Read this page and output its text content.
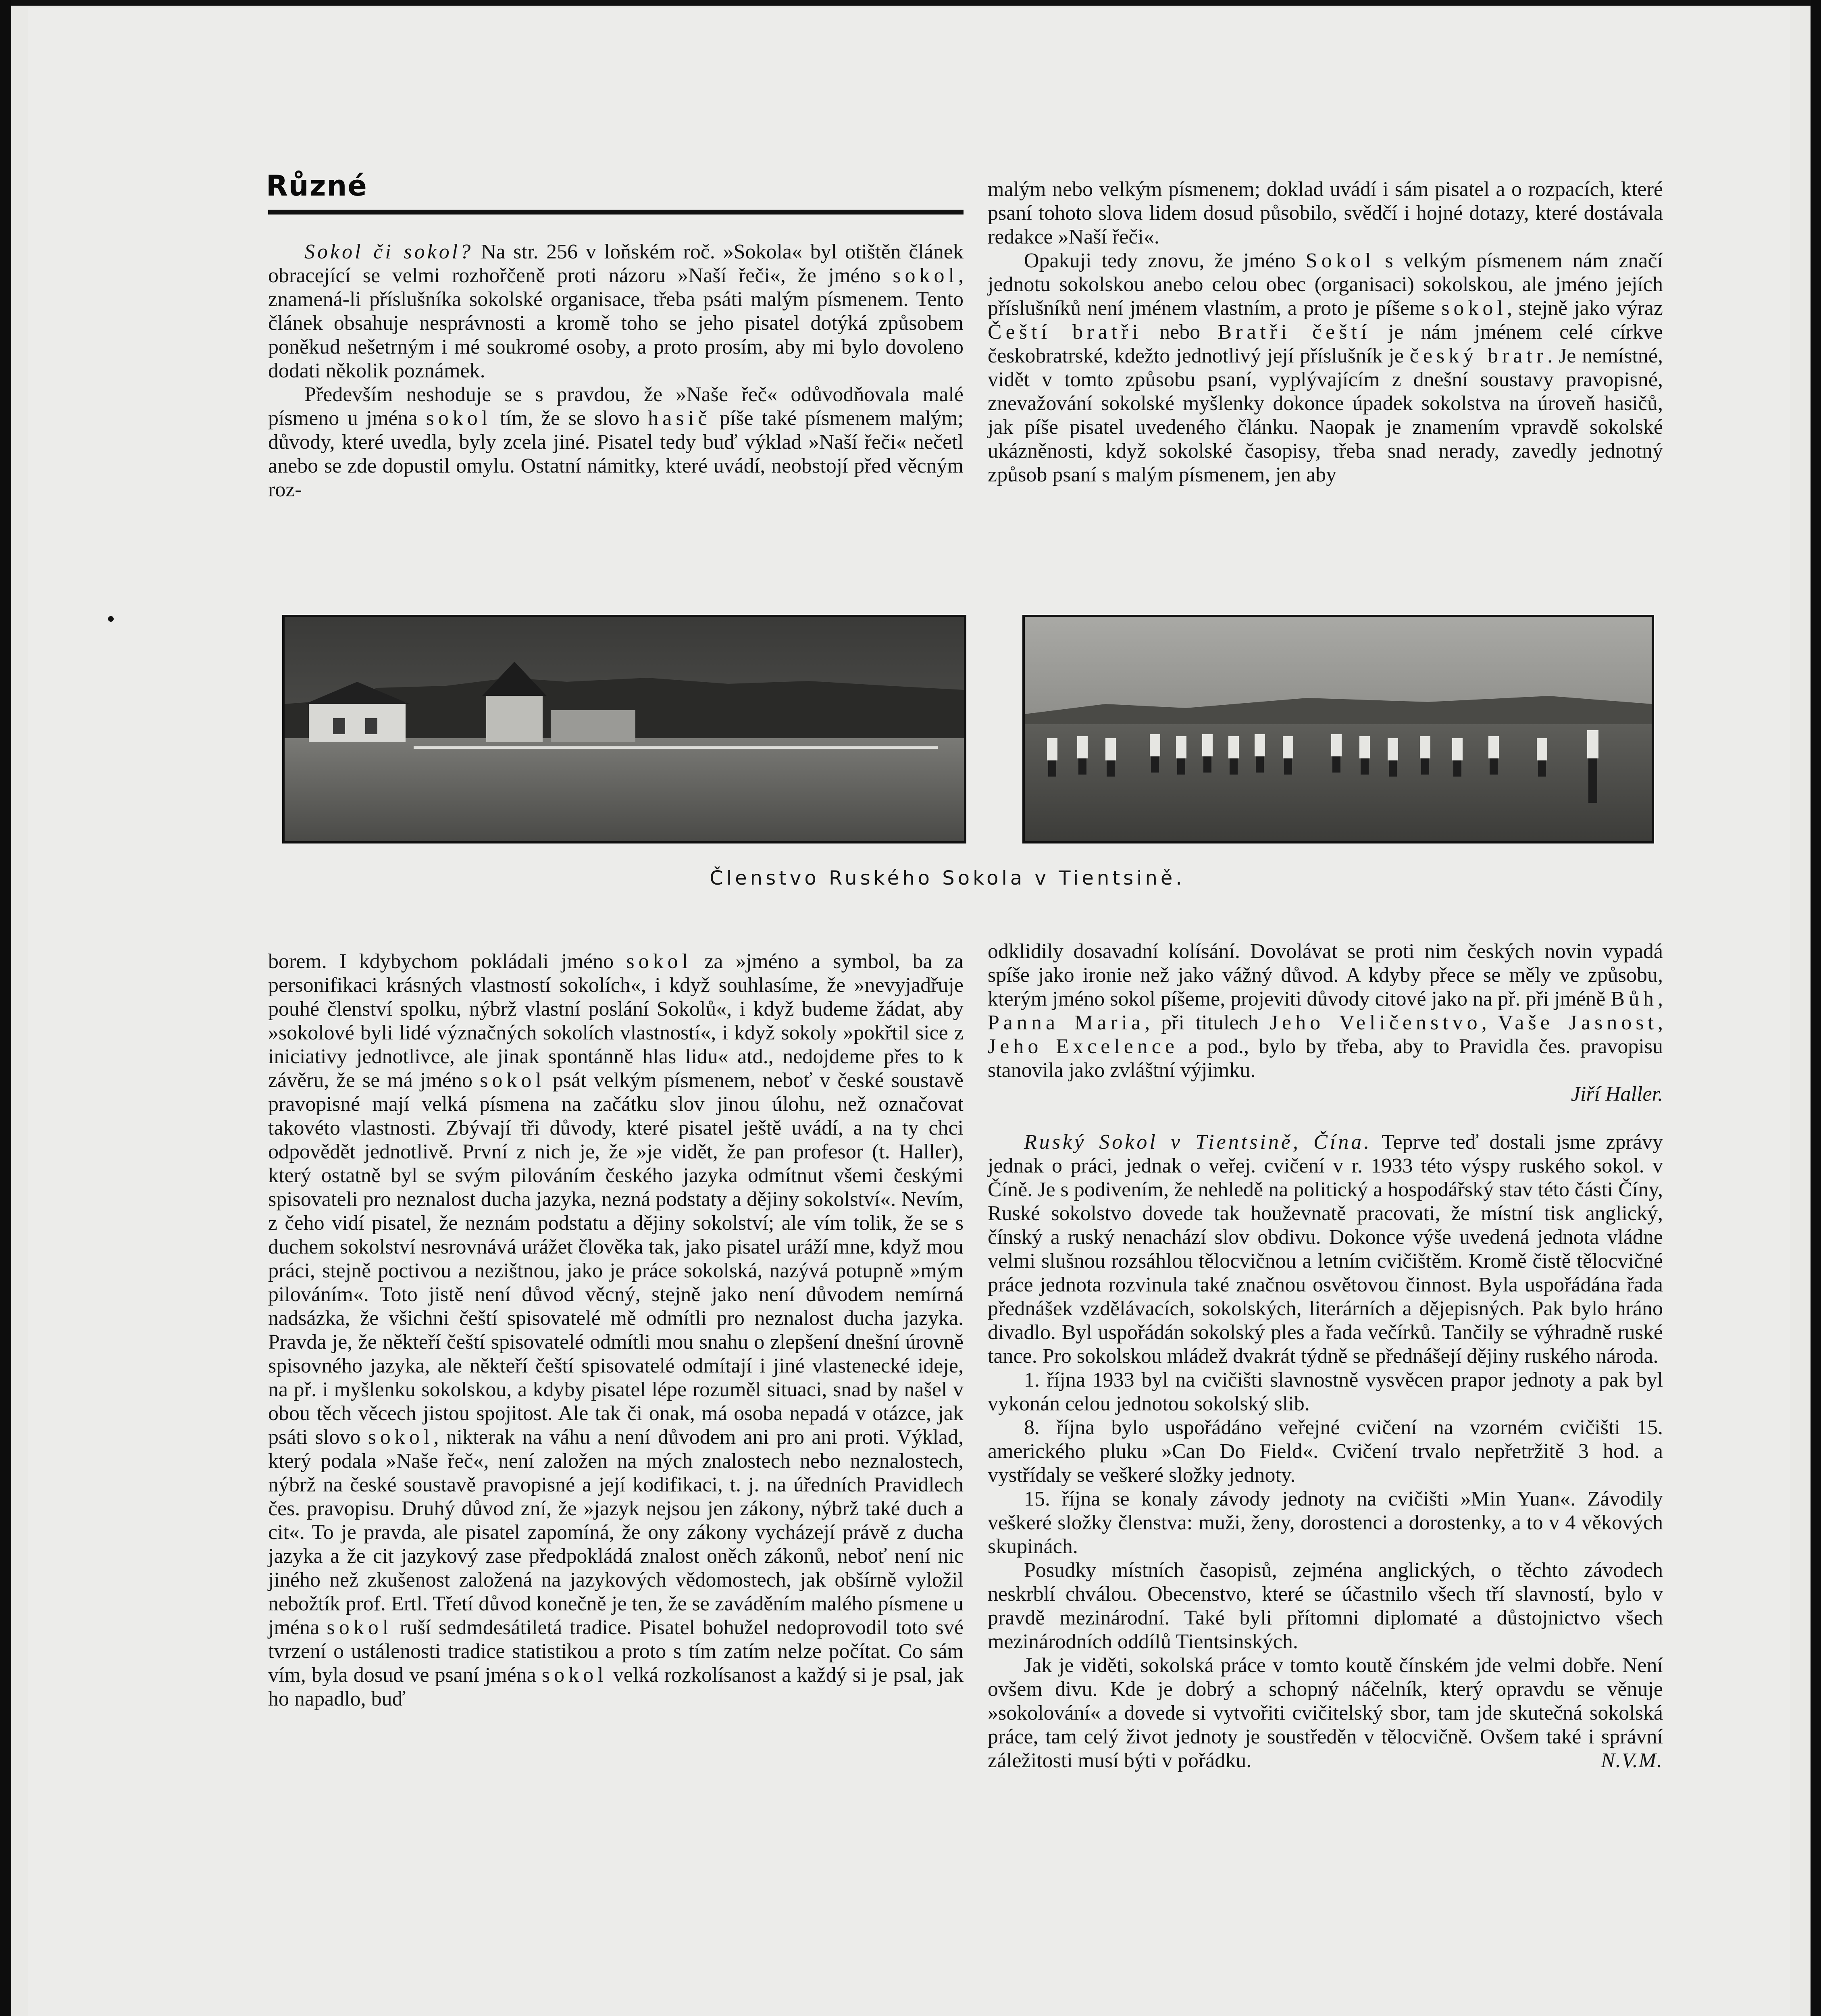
Různé

Sokol či sokol? Na str. 256 v loňském roč. »Sokola« byl otištěn článek obracející se velmi rozhořčeně proti názoru »Naší řeči«, že jméno sokol, znamená-li příslušníka sokolské organisace, třeba psáti malým písmenem. Tento článek obsahuje nesprávnosti a kromě toho se jeho pisatel dotýká způsobem poněkud nešetrným i mé soukromé osoby, a proto prosím, aby mi bylo dovoleno dodati několik poznámek.

Především neshoduje se s pravdou, že »Naše řeč« odůvodňovala malé písmeno u jména sokol tím, že se slovo hasič píše také písmenem malým; důvody, které uvedla, byly zcela jiné. Pisatel tedy buď výklad »Naší řeči« nečetl anebo se zde dopustil omylu. Ostatní námitky, které uvádí, neobstojí před věcným roz-

malým nebo velkým písmenem; doklad uvádí i sám pisatel a o rozpacích, které psaní tohoto slova lidem dosud působilo, svědčí i hojné dotazy, které dostávala redakce »Naší řeči«.

Opakuji tedy znovu, že jméno Sokol s velkým písmenem nám značí jednotu sokolskou anebo celou obec (organisaci) sokolskou, ale jméno jejích příslušníků není jménem vlastním, a proto je píšeme sokol, stejně jako výraz Čeští bratři nebo Bratři čeští je nám jménem celé církve českobratrské, kdežto jednotlivý její příslušník je český bratr. Je nemístné, vidět v tomto způsobu psaní, vyplývajícím z dnešní soustavy pravopisné, znevažování sokolské myšlenky dokonce úpadek sokolstva na úroveň hasičů, jak píše pisatel uvedeného článku. Naopak je znamením vpravdě sokolské ukázněnosti, když sokolské časopisy, třeba snad nerady, zavedly jednotný způsob psaní s malým písmenem, jen aby

Členstvo Ruského Sokola v Tientsině.

borem. I kdybychom pokládali jméno sokol za »jméno a symbol, ba za personifikaci krásných vlastností sokolích«, i když souhlasíme, že »nevyjadřuje pouhé členství spolku, nýbrž vlastní poslání Sokolů«, i když budeme žádat, aby »sokolové byli lidé význačných sokolích vlastností«, i když sokoly »pokřtil sice z iniciativy jednotlivce, ale jinak spontánně hlas lidu« atd., nedojdeme přes to k závěru, že se má jméno sokol psát velkým písmenem, neboť v české soustavě pravopisné mají velká písmena na začátku slov jinou úlohu, než označovat takovéto vlastnosti. Zbývají tři důvody, které pisatel ještě uvádí, a na ty chci odpovědět jednotlivě. První z nich je, že »je vidět, že pan profesor (t. Haller), který ostatně byl se svým pilováním českého jazyka odmítnut všemi českými spisovateli pro neznalost ducha jazyka, nezná podstaty a dějiny sokolství«. Nevím, z čeho vidí pisatel, že neznám podstatu a dějiny sokolství; ale vím tolik, že se s duchem sokolství nesrovnává urážet člověka tak, jako pisatel uráží mne, když mou práci, stejně poctivou a nezištnou, jako je práce sokolská, nazývá potupně »mým pilováním«. Toto jistě není důvod věcný, stejně jako není důvodem nemírná nadsázka, že všichni čeští spisovatelé mě odmítli pro neznalost ducha jazyka. Pravda je, že někteří čeští spisovatelé odmítli mou snahu o zlepšení dnešní úrovně spisovného jazyka, ale někteří čeští spisovatelé odmítají i jiné vlastenecké ideje, na př. i myšlenku sokolskou, a kdyby pisatel lépe rozuměl situaci, snad by našel v obou těch věcech jistou spojitost. Ale tak či onak, má osoba nepadá v otázce, jak psáti slovo sokol, nikterak na váhu a není důvodem ani pro ani proti. Výklad, který podala »Naše řeč«, není založen na mých znalostech nebo neznalostech, nýbrž na české soustavě pravopisné a její kodifikaci, t. j. na úředních Pravidlech čes. pravopisu. Druhý důvod zní, že »jazyk nejsou jen zákony, nýbrž také duch a cit«. To je pravda, ale pisatel zapomíná, že ony zákony vycházejí právě z ducha jazyka a že cit jazykový zase předpokládá znalost oněch zákonů, neboť není nic jiného než zkušenost založená na jazykových vědomostech, jak obšírně vyložil nebožtík prof. Ertl. Třetí důvod konečně je ten, že se zaváděním malého písmene u jména sokol ruší sedmdesátiletá tradice. Pisatel bohužel nedoprovodil toto své tvrzení o ustálenosti tradice statistikou a proto s tím zatím nelze počítat. Co sám vím, byla dosud ve psaní jména sokol velká rozkolísanost a každý si je psal, jak ho napadlo, buď

odklidily dosavadní kolísání. Dovolávat se proti nim českých novin vypadá spíše jako ironie než jako vážný důvod. A kdyby přece se měly ve způsobu, kterým jméno sokol píšeme, projeviti důvody citové jako na př. při jméně Bůh, Panna Maria, při titulech Jeho Veličenstvo, Vaše Jasnost, Jeho Excelence a pod., bylo by třeba, aby to Pravidla čes. pravopisu stanovila jako zvláštní výjimku.

Jiří Haller.

Ruský Sokol v Tientsině, Čína. Teprve teď dostali jsme zprávy jednak o práci, jednak o veřej. cvičení v r. 1933 této výspy ruského sokol. v Číně. Je s podivením, že nehledě na politický a hospodářský stav této části Číny, Ruské sokolstvo dovede tak houževnatě pracovati, že místní tisk anglický, čínský a ruský nenachází slov obdivu. Dokonce výše uvedená jednota vládne velmi slušnou rozsáhlou tělocvičnou a letním cvičištěm. Kromě čistě tělocvičné práce jednota rozvinula také značnou osvětovou činnost. Byla uspořádána řada přednášek vzdělávacích, sokolských, literárních a dějepisných. Pak bylo hráno divadlo. Byl uspořádán sokolský ples a řada večírků. Tančily se výhradně ruské tance. Pro sokolskou mládež dvakrát týdně se přednášejí dějiny ruského národa.

1. října 1933 byl na cvičišti slavnostně vysvěcen prapor jednoty a pak byl vykonán celou jednotou sokolský slib.

8. října bylo uspořádáno veřejné cvičení na vzorném cvičišti 15. amerického pluku »Can Do Field«. Cvičení trvalo nepřetržitě 3 hod. a vystřídaly se veškeré složky jednoty.

15. října se konaly závody jednoty na cvičišti »Min Yuan«. Závodily veškeré složky členstva: muži, ženy, dorostenci a dorostenky, a to v 4 věkových skupinách.

Posudky místních časopisů, zejména anglických, o těchto závodech neskrblí chválou. Obecenstvo, které se účastnilo všech tří slavností, bylo v pravdě mezinárodní. Také byli přítomni diplomaté a důstojnictvo všech mezinárodních oddílů Tientsinských.

Jak je viděti, sokolská práce v tomto koutě čínském jde velmi dobře. Není ovšem divu. Kde je dobrý a schopný náčelník, který opravdu se věnuje »sokolování« a dovede si vytvořiti cvičitelský sbor, tam jde skutečná sokolská práce, tam celý život jednoty je soustředěn v tělocvičně. Ovšem také i správní záležitosti musí býti v pořádku.	N.V.M.
